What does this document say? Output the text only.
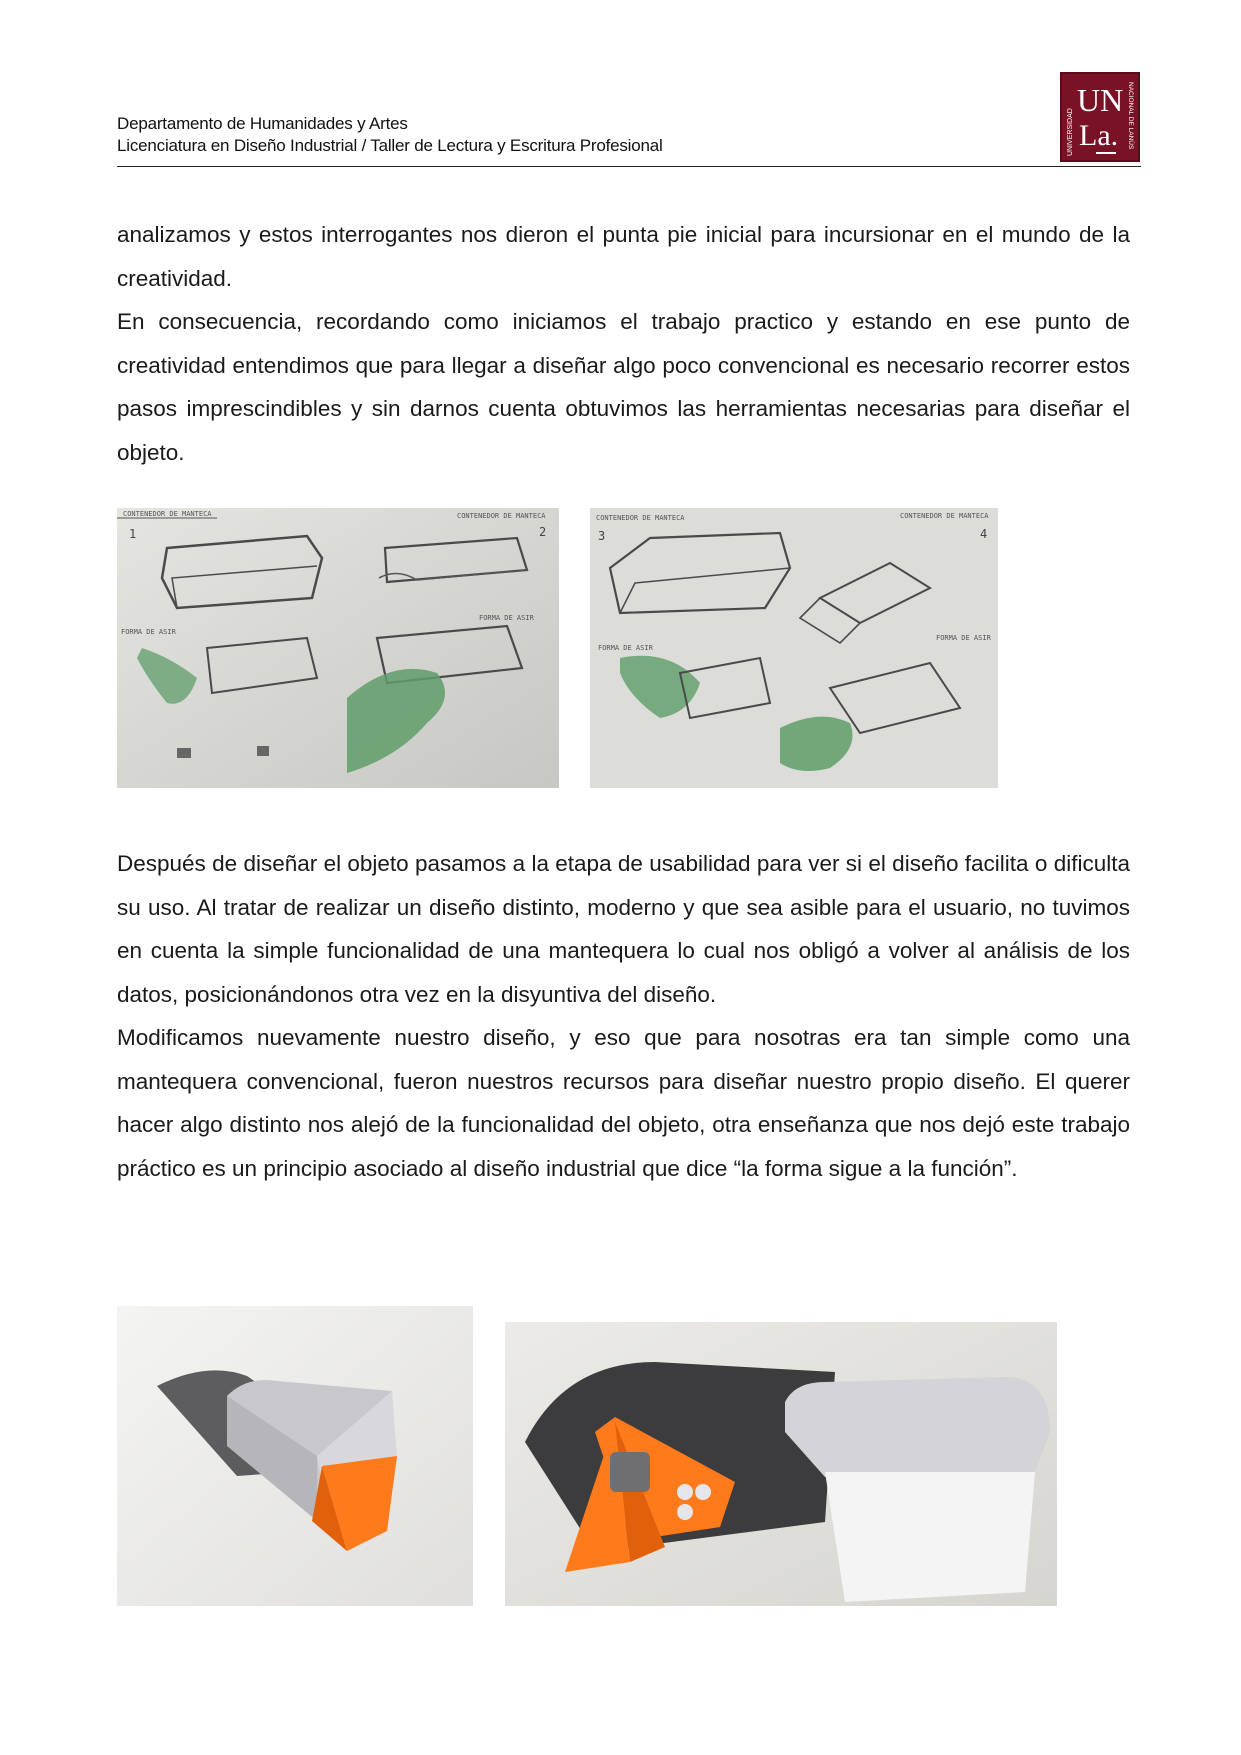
Departamento de Humanidades y Artes
Licenciatura en Diseño Industrial / Taller de Lectura y Escritura Profesional	UNIVERSIDAD	NACIONAL DE LANÚS
UN
La.

analizamos y estos interrogantes nos dieron el punta pie inicial para incursionar en el mundo de la creatividad.

En consecuencia, recordando como iniciamos el trabajo practico y estando en ese punto de creatividad entendimos que para llegar a diseñar algo poco convencional es necesario recorrer estos pasos imprescindibles y sin darnos cuenta obtuvimos las herramientas necesarias para diseñar el objeto.

CONTENEDOR DE MANTECA	CONTENEDOR DE MANTECA
1	2
FORMA DE ASIR
FORMA DE ASIR
CONTENEDOR DE MANTECA	CONTENEDOR DE MANTECA
3	4
FORMA DE ASIR
FORMA DE ASIR

Después de diseñar el objeto pasamos a la etapa de usabilidad para ver si el diseño facilita o dificulta su uso. Al tratar de realizar un diseño distinto, moderno y que sea asible para el usuario, no tuvimos en cuenta la simple funcionalidad de una mantequera lo cual nos obligó a volver al análisis de los datos, posicionándonos otra vez en la disyuntiva del diseño.

Modificamos nuevamente nuestro diseño, y eso que para nosotras era tan simple como una mantequera convencional, fueron nuestros recursos para diseñar nuestro propio diseño. El querer hacer algo distinto nos alejó de la funcionalidad del objeto, otra enseñanza que nos dejó este trabajo práctico es un principio asociado al diseño industrial que dice “la forma sigue a la función”.
